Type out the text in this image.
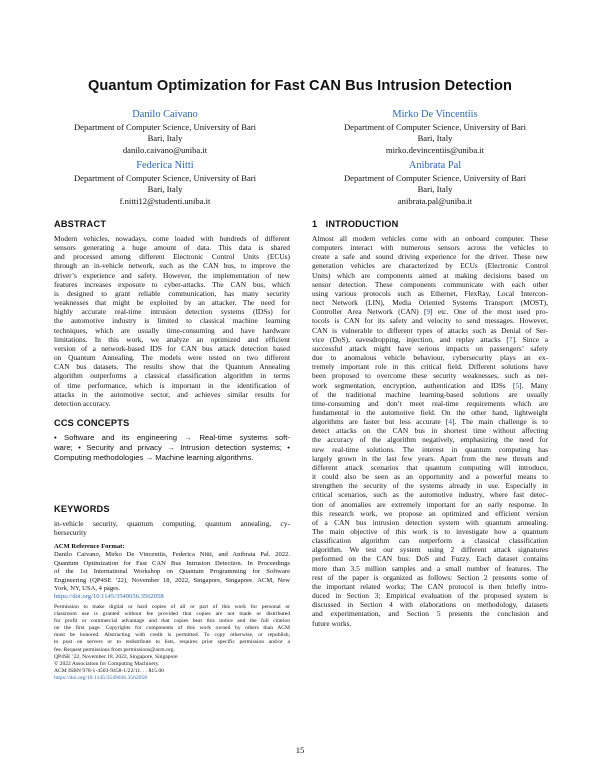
Quantum Optimization for Fast CAN Bus Intrusion Detection
Danilo Caivano
Department of Computer Science, University of Bari
Bari, Italy
danilo.caivano@uniba.it
Mirko De Vincentiis
Department of Computer Science, University of Bari
Bari, Italy
mirko.devincentiis@uniba.it
Federica Nitti
Department of Computer Science, University of Bari
Bari, Italy
f.nitti12@studenti.uniba.it
Anibrata Pal
Department of Computer Science, University of Bari
Bari, Italy
anibrata.pal@uniba.it
ABSTRACT
Modern vehicles, nowadays, come loaded with hundreds of different
sensors generating a huge amount of data. This data is shared
and processed among different Electronic Control Units (ECUs)
through an in-vehicle network, such as the CAN bus, to improve the
driver’s experience and safety. However, the implementation of new
features increases exposure to cyber-attacks. The CAN bus, which
is designed to grant reliable communication, has many security
weaknesses that might be exploited by an attacker. The need for
highly accurate real-time intrusion detection systems (IDSs) for
the automotive industry is limited to classical machine learning
techniques, which are usually time-consuming and have hardware
limitations. In this work, we analyze an optimized and efficient
version of a network-based IDS for CAN bus attack detection based
on Quantum Annealing. The models were tested on two different
CAN bus datasets. The results show that the Quantum Annealing
algorithm outperforms a classical classification algorithm in terms
of time performance, which is important in the identification of
attacks in the automotive sector, and achieves similar results for
detection accuracy.
CCS CONCEPTS
• Software and its engineering → Real-time systems soft-
ware; • Security and privacy → Intrusion detection systems; •
Computing methodologies → Machine learning algorithms.
KEYWORDS
in-vehicle security, quantum computing, quantum annealing, cy-
bersecurity
ACM Reference Format:
Danilo Caivano, Mirko De Vincentiis, Federica Nitti, and Anibrata Pal. 2022.
Quantum Optimization for Fast CAN Bus Intrusion Detection. In Proceedings
of the 1st International Workshop on Quantum Programming for Software
Engineering (QP4SE ’22), November 18, 2022, Singapore, Singapore. ACM, New
York, NY, USA, 4 pages.
https://doi.org/10.1145/3549036.3562058
Permission to make digital or hard copies of all or part of this work for personal or
classroom use is granted without fee provided that copies are not made or distributed
for profit or commercial advantage and that copies bear this notice and the full citation
on the first page. Copyrights for components of this work owned by others than ACM
must be honored. Abstracting with credit is permitted. To copy otherwise, or republish,
to post on servers or to redistribute to lists, requires prior specific permission and/or a
fee. Request permissions from permissions@acm.org.
QP4SE ’22, November 18, 2022, Singapore, Singapore
© 2022 Association for Computing Machinery.
ACM ISBN 978-1-4503-9458-1/22/11. . . $15.00
https://doi.org/10.1145/3549036.3562058
1 INTRODUCTION
Almost all modern vehicles come with an onboard computer. These
computers interact with numerous sensors across the vehicles to
create a safe and sound driving experience for the driver. These new
generation vehicles are characterized by ECUs (Electronic Control
Units) which are components aimed at making decisions based on
sensor detection. These components communicate with each other
using various protocols such as Ethernet, FlexRay, Local Intercon-
nect Network (LIN), Media Oriented Systems Transport (MOST),
Controller Area Network (CAN) [9] etc. One of the most used pro-
tocols is CAN for its safety and velocity to send messages. However,
CAN is vulnerable to different types of attacks such as Denial of Ser-
vice (DoS), eavesdropping, injection, and replay attacks [7]. Since a
successful attack might have serious impacts on passengers’ safety
due to anomalous vehicle behaviour, cybersecurity plays an ex-
tremely important role in this critical field. Different solutions have
been proposed to overcome these security weaknesses, such as net-
work segmentation, encryption, authentication and IDSs [5]. Many
of the traditional machine learning-based solutions are usually
time-consuming and don’t meet real-time requirements which are
fundamental in the automotive field. On the other hand, lightweight
algorithms are faster but less accurate [4]. The main challenge is to
detect attacks on the CAN bus in shortest time without affecting
the accuracy of the algorithm negatively, emphasizing the need for
new real-time solutions. The interest in quantum computing has
largely grown in the last few years. Apart from the new threats and
different attack scenarios that quantum computing will introduce,
it could also be seen as an opportunity and a powerful means to
strengthen the security of the systems already in use. Especially in
critical scenarios, such as the automotive industry, where fast detec-
tion of anomalies are extremely important for an early response. In
this research work, we propose an optimized and efficient version
of a CAN bus intrusion detection system with quantum annealing.
The main objective of this work is to investigate how a quantum
classification algorithm can outperform a classical classification
algorithm. We test our system using 2 different attack signatures
performed on the CAN bus: DoS and Fuzzy. Each dataset contains
more than 3.5 million samples and a small number of features. The
rest of the paper is organized as follows: Section 2 presents some of
the important related works; The CAN protocol is then briefly intro-
duced in Section 3; Empirical evaluation of the proposed system is
discussed in Section 4 with elaborations on methodology, datasets
and experimentation, and Section 5 presents the conclusion and
future works.
15
